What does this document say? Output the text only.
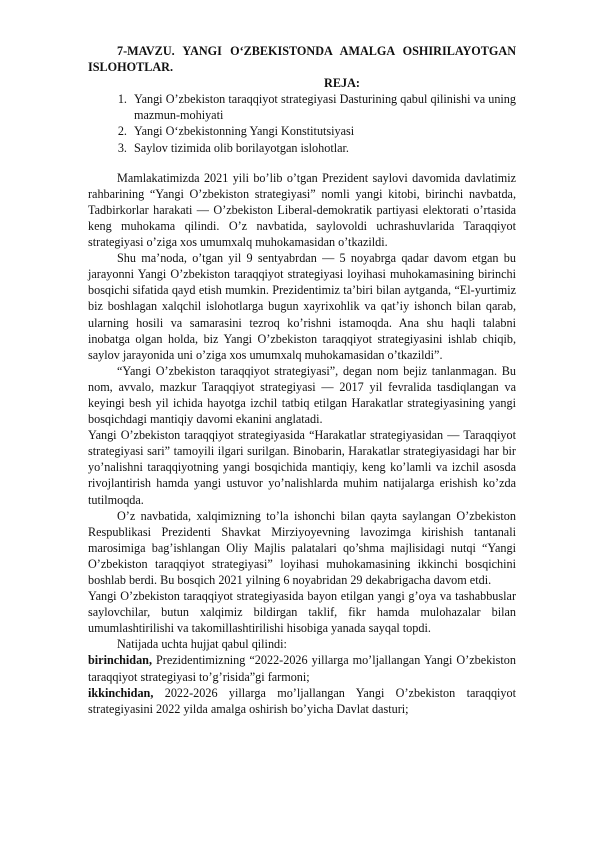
7-MAVZU. YANGI O‘ZBEKISTONDA AMALGA OSHIRILAYOTGAN ISLOHOTLAR.

REJA:

1. Yangi O’zbekiston taraqqiyot strategiyasi Dasturining qabul qilinishi va uning mazmun-mohiyati
2. Yangi O‘zbekistonning Yangi Konstitutsiyasi
3. Saylov tizimida olib borilayotgan islohotlar.

Mamlakatimizda 2021 yili bo’lib o’tgan Prezident saylovi davomida davlatimiz rahbarining “Yangi O’zbekiston strategiyasi” nomli yangi kitobi, birinchi navbatda, Tadbirkorlar harakati — O’zbekiston Liberal-demokratik partiyasi elektorati o’rtasida keng muhokama qilindi. O’z navbatida, saylovoldi uchrashuvlarida Taraqqiyot strategiyasi o’ziga xos umumxalq muhokamasidan o’tkazildi.

Shu ma’noda, o’tgan yil 9 sentyabrdan — 5 noyabrga qadar davom etgan bu jarayonni Yangi O’zbekiston taraqqiyot strategiyasi loyihasi muhokamasining birinchi bosqichi sifatida qayd etish mumkin. Prezidentimiz ta’biri bilan aytganda, “El-yurtimiz biz boshlagan xalqchil islohotlarga bugun xayrixohlik va qat’iy ishonch bilan qarab, ularning hosili va samarasini tezroq ko’rishni istamoqda. Ana shu haqli talabni inobatga olgan holda, biz Yangi O’zbekiston taraqqiyot strategiyasini ishlab chiqib, saylov jarayonida uni o’ziga xos umumxalq muhokamasidan o’tkazildi”.

“Yangi O’zbekiston taraqqiyot strategiyasi”, degan nom bejiz tanlanmagan. Bu nom, avvalo, mazkur Taraqqiyot strategiyasi — 2017 yil fevralida tasdiqlangan va keyingi besh yil ichida hayotga izchil tatbiq etilgan Harakatlar strategiyasining yangi bosqichdagi mantiqiy davomi ekanini anglatadi.

Yangi O’zbekiston taraqqiyot strategiyasida “Harakatlar strategiyasidan — Taraqqiyot strategiyasi sari” tamoyili ilgari surilgan. Binobarin, Harakatlar strategiyasidagi har bir yo’nalishni taraqqiyotning yangi bosqichida mantiqiy, keng ko’lamli va izchil asosda rivojlantirish hamda yangi ustuvor yo’nalishlarda muhim natijalarga erishish ko’zda tutilmoqda.

O’z navbatida, xalqimizning to’la ishonchi bilan qayta saylangan O’zbekiston Respublikasi Prezidenti Shavkat Mirziyoyevning lavozimga kirishish tantanali marosimiga bag’ishlangan Oliy Majlis palatalari qo’shma majlisidagi nutqi “Yangi O’zbekiston taraqqiyot strategiyasi” loyihasi muhokamasining ikkinchi bosqichini boshlab berdi. Bu bosqich 2021 yilning 6 noyabridan 29 dekabrigacha davom etdi.

Yangi O’zbekiston taraqqiyot strategiyasida bayon etilgan yangi g’oya va tashabbuslar saylovchilar, butun xalqimiz bildirgan taklif, fikr hamda mulohazalar bilan umumlashtirilishi va takomillashtirilishi hisobiga yanada sayqal topdi.

Natijada uchta hujjat qabul qilindi:

birinchidan, Prezidentimizning “2022-2026 yillarga mo’ljallangan Yangi O’zbekiston taraqqiyot strategiyasi to’g’risida”gi farmoni;

ikkinchidan, 2022-2026 yillarga mo’ljallangan Yangi O’zbekiston taraqqiyot strategiyasini 2022 yilda amalga oshirish bo’yicha Davlat dasturi;
